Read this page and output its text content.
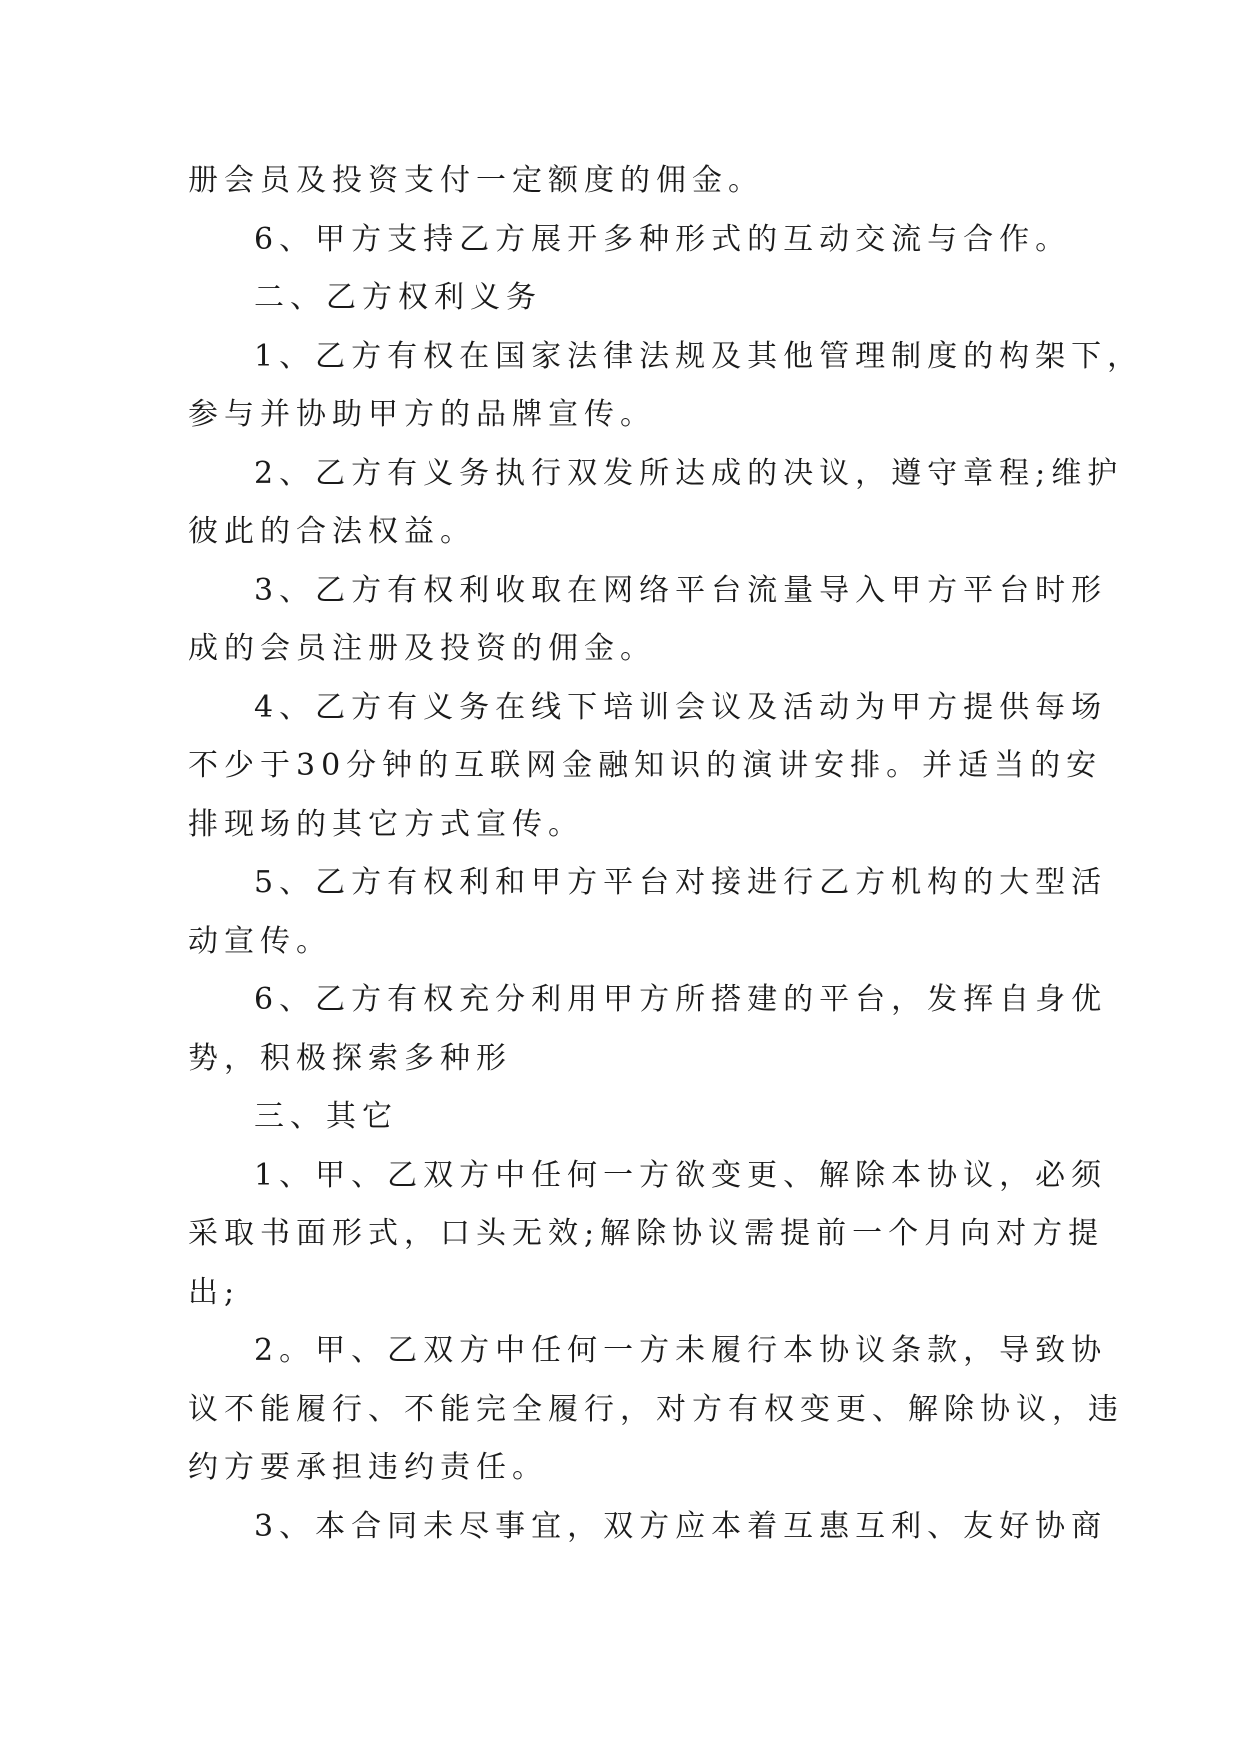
册会员及投资支付一定额度的佣金。
6、甲方支持乙方展开多种形式的互动交流与合作。
二、乙方权利义务
1、乙方有权在国家法律法规及其他管理制度的构架下，
参与并协助甲方的品牌宣传。
2、乙方有义务执行双发所达成的决议，遵守章程;维护
彼此的合法权益。
3、乙方有权利收取在网络平台流量导入甲方平台时形
成的会员注册及投资的佣金。
4、乙方有义务在线下培训会议及活动为甲方提供每场
不少于30分钟的互联网金融知识的演讲安排。并适当的安
排现场的其它方式宣传。
5、乙方有权利和甲方平台对接进行乙方机构的大型活
动宣传。
6、乙方有权充分利用甲方所搭建的平台，发挥自身优
势，积极探索多种形
三、其它
1、甲、乙双方中任何一方欲变更、解除本协议，必须
采取书面形式，口头无效;解除协议需提前一个月向对方提
出;
2。甲、乙双方中任何一方未履行本协议条款，导致协
议不能履行、不能完全履行，对方有权变更、解除协议，违
约方要承担违约责任。
3、本合同未尽事宜，双方应本着互惠互利、友好协商
